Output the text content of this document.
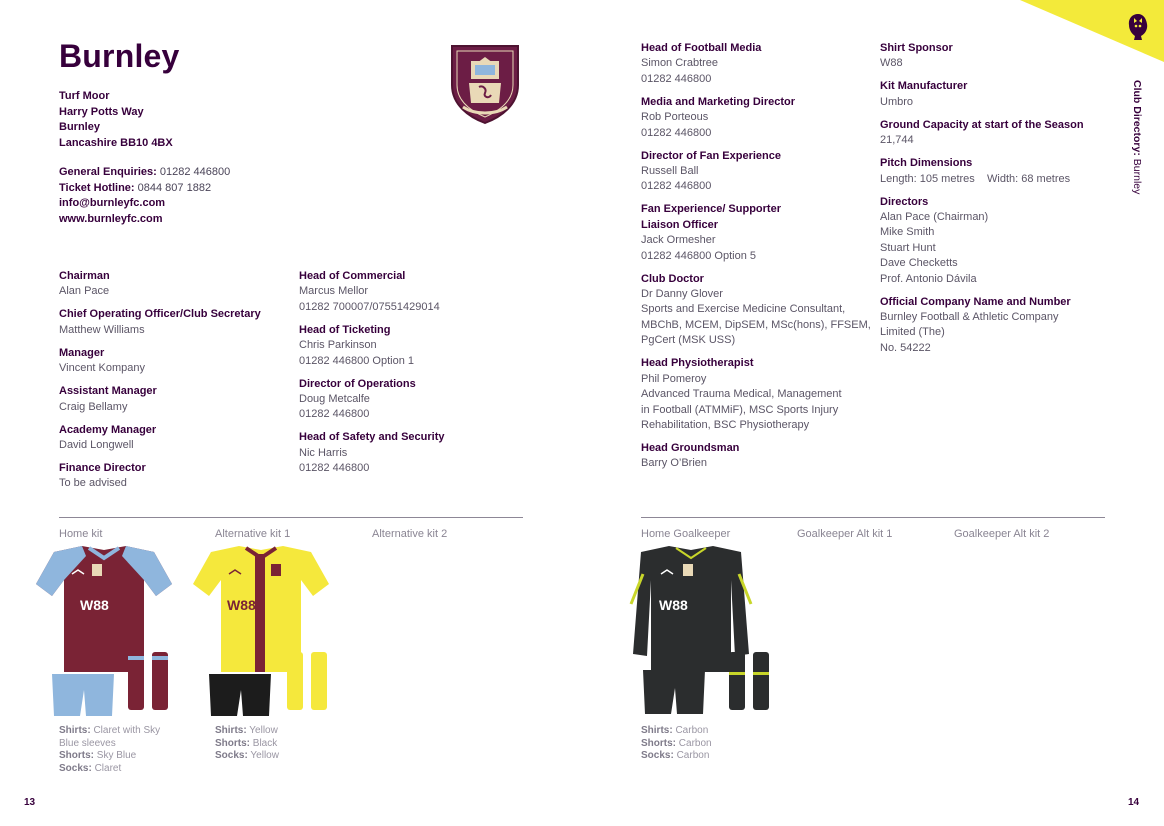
Club Directory: Burnley
Burnley
Turf Moor
Harry Potts Way
Burnley
Lancashire BB10 4BX
General Enquiries: 01282 446800
Ticket Hotline: 0844 807 1882
info@burnleyfc.com
www.burnleyfc.com
Chairman
Alan Pace
Chief Operating Officer/Club Secretary
Matthew Williams
Manager
Vincent Kompany
Assistant Manager
Craig Bellamy
Academy Manager
David Longwell
Finance Director
To be advised
Head of Commercial
Marcus Mellor
01282 700007/07551429014
Head of Ticketing
Chris Parkinson
01282 446800 Option 1
Director of Operations
Doug Metcalfe
01282 446800
Head of Safety and Security
Nic Harris
01282 446800
Head of Football Media
Simon Crabtree
01282 446800
Media and Marketing Director
Rob Porteous
01282 446800
Director of Fan Experience
Russell Ball
01282 446800
Fan Experience/ Supporter Liaison Officer
Jack Ormesher
01282 446800 Option 5
Club Doctor
Dr Danny Glover
Sports and Exercise Medicine Consultant,
MBChB, MCEM, DipSEM, MSc(hons), FFSEM,
PgCert (MSK USS)
Head Physiotherapist
Phil Pomeroy
Advanced Trauma Medical, Management
in Football (ATMMiF), MSC Sports Injury
Rehabilitation, BSC Physiotherapy
Head Groundsman
Barry O’Brien
Shirt Sponsor
W88
Kit Manufacturer
Umbro
Ground Capacity at start of the Season
21,744
Pitch Dimensions
Length: 105 metres    Width: 68 metres
Directors
Alan Pace (Chairman)
Mike Smith
Stuart Hunt
Dave Checketts
Prof. Antonio Dávila
Official Company Name and Number
Burnley Football & Athletic Company
Limited (The)
No. 54222
Home kit	Alternative kit 1	Alternative kit 2	Home Goalkeeper	Goalkeeper Alt kit 1	Goalkeeper Alt kit 2
W88	W88	W88
Shirts: Claret with Sky Blue sleeves
Shorts: Sky Blue
Socks: Claret
Shirts: Yellow
Shorts: Black
Socks: Yellow
Shirts: Carbon
Shorts: Carbon
Socks: Carbon
13	14
